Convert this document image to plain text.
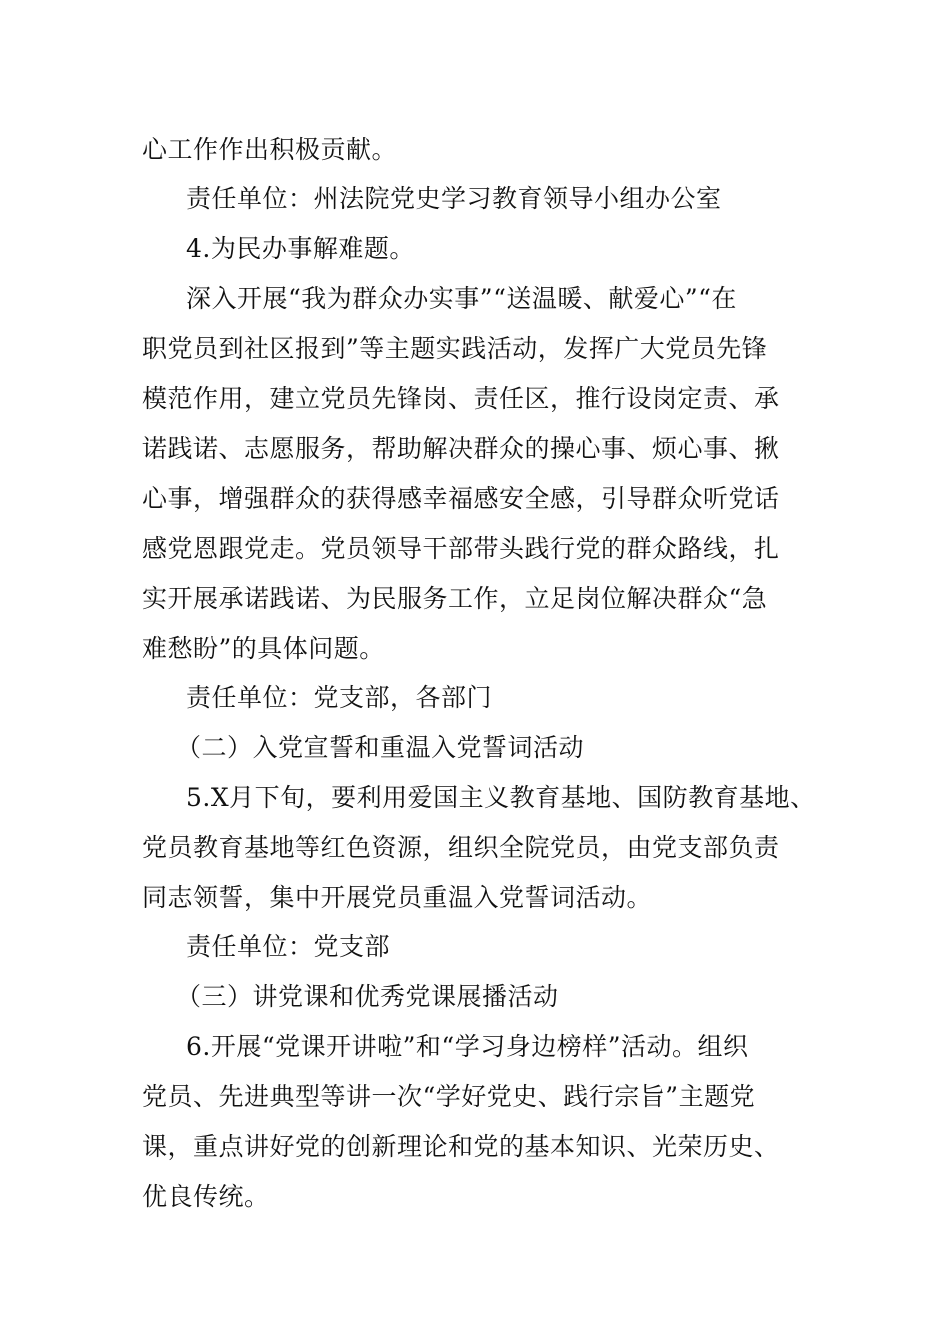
心工作作出积极贡献。
责任单位：州法院党史学习教育领导小组办公室
4.为民办事解难题。
深入开展“我为群众办实事”“送温暖、献爱心”“在
职党员到社区报到”等主题实践活动，发挥广大党员先锋
模范作用，建立党员先锋岗、责任区，推行设岗定责、承
诺践诺、志愿服务，帮助解决群众的操心事、烦心事、揪
心事，增强群众的获得感幸福感安全感，引导群众听党话
感党恩跟党走。党员领导干部带头践行党的群众路线，扎
实开展承诺践诺、为民服务工作，立足岗位解决群众“急
难愁盼”的具体问题。
责任单位：党支部，各部门
（二）入党宣誓和重温入党誓词活动
5.X月下旬，要利用爱国主义教育基地、国防教育基地、
党员教育基地等红色资源，组织全院党员，由党支部负责
同志领誓，集中开展党员重温入党誓词活动。
责任单位：党支部
（三）讲党课和优秀党课展播活动
6.开展“党课开讲啦”和“学习身边榜样”活动。组织
党员、先进典型等讲一次“学好党史、践行宗旨”主题党
课，重点讲好党的创新理论和党的基本知识、光荣历史、
优良传统。
